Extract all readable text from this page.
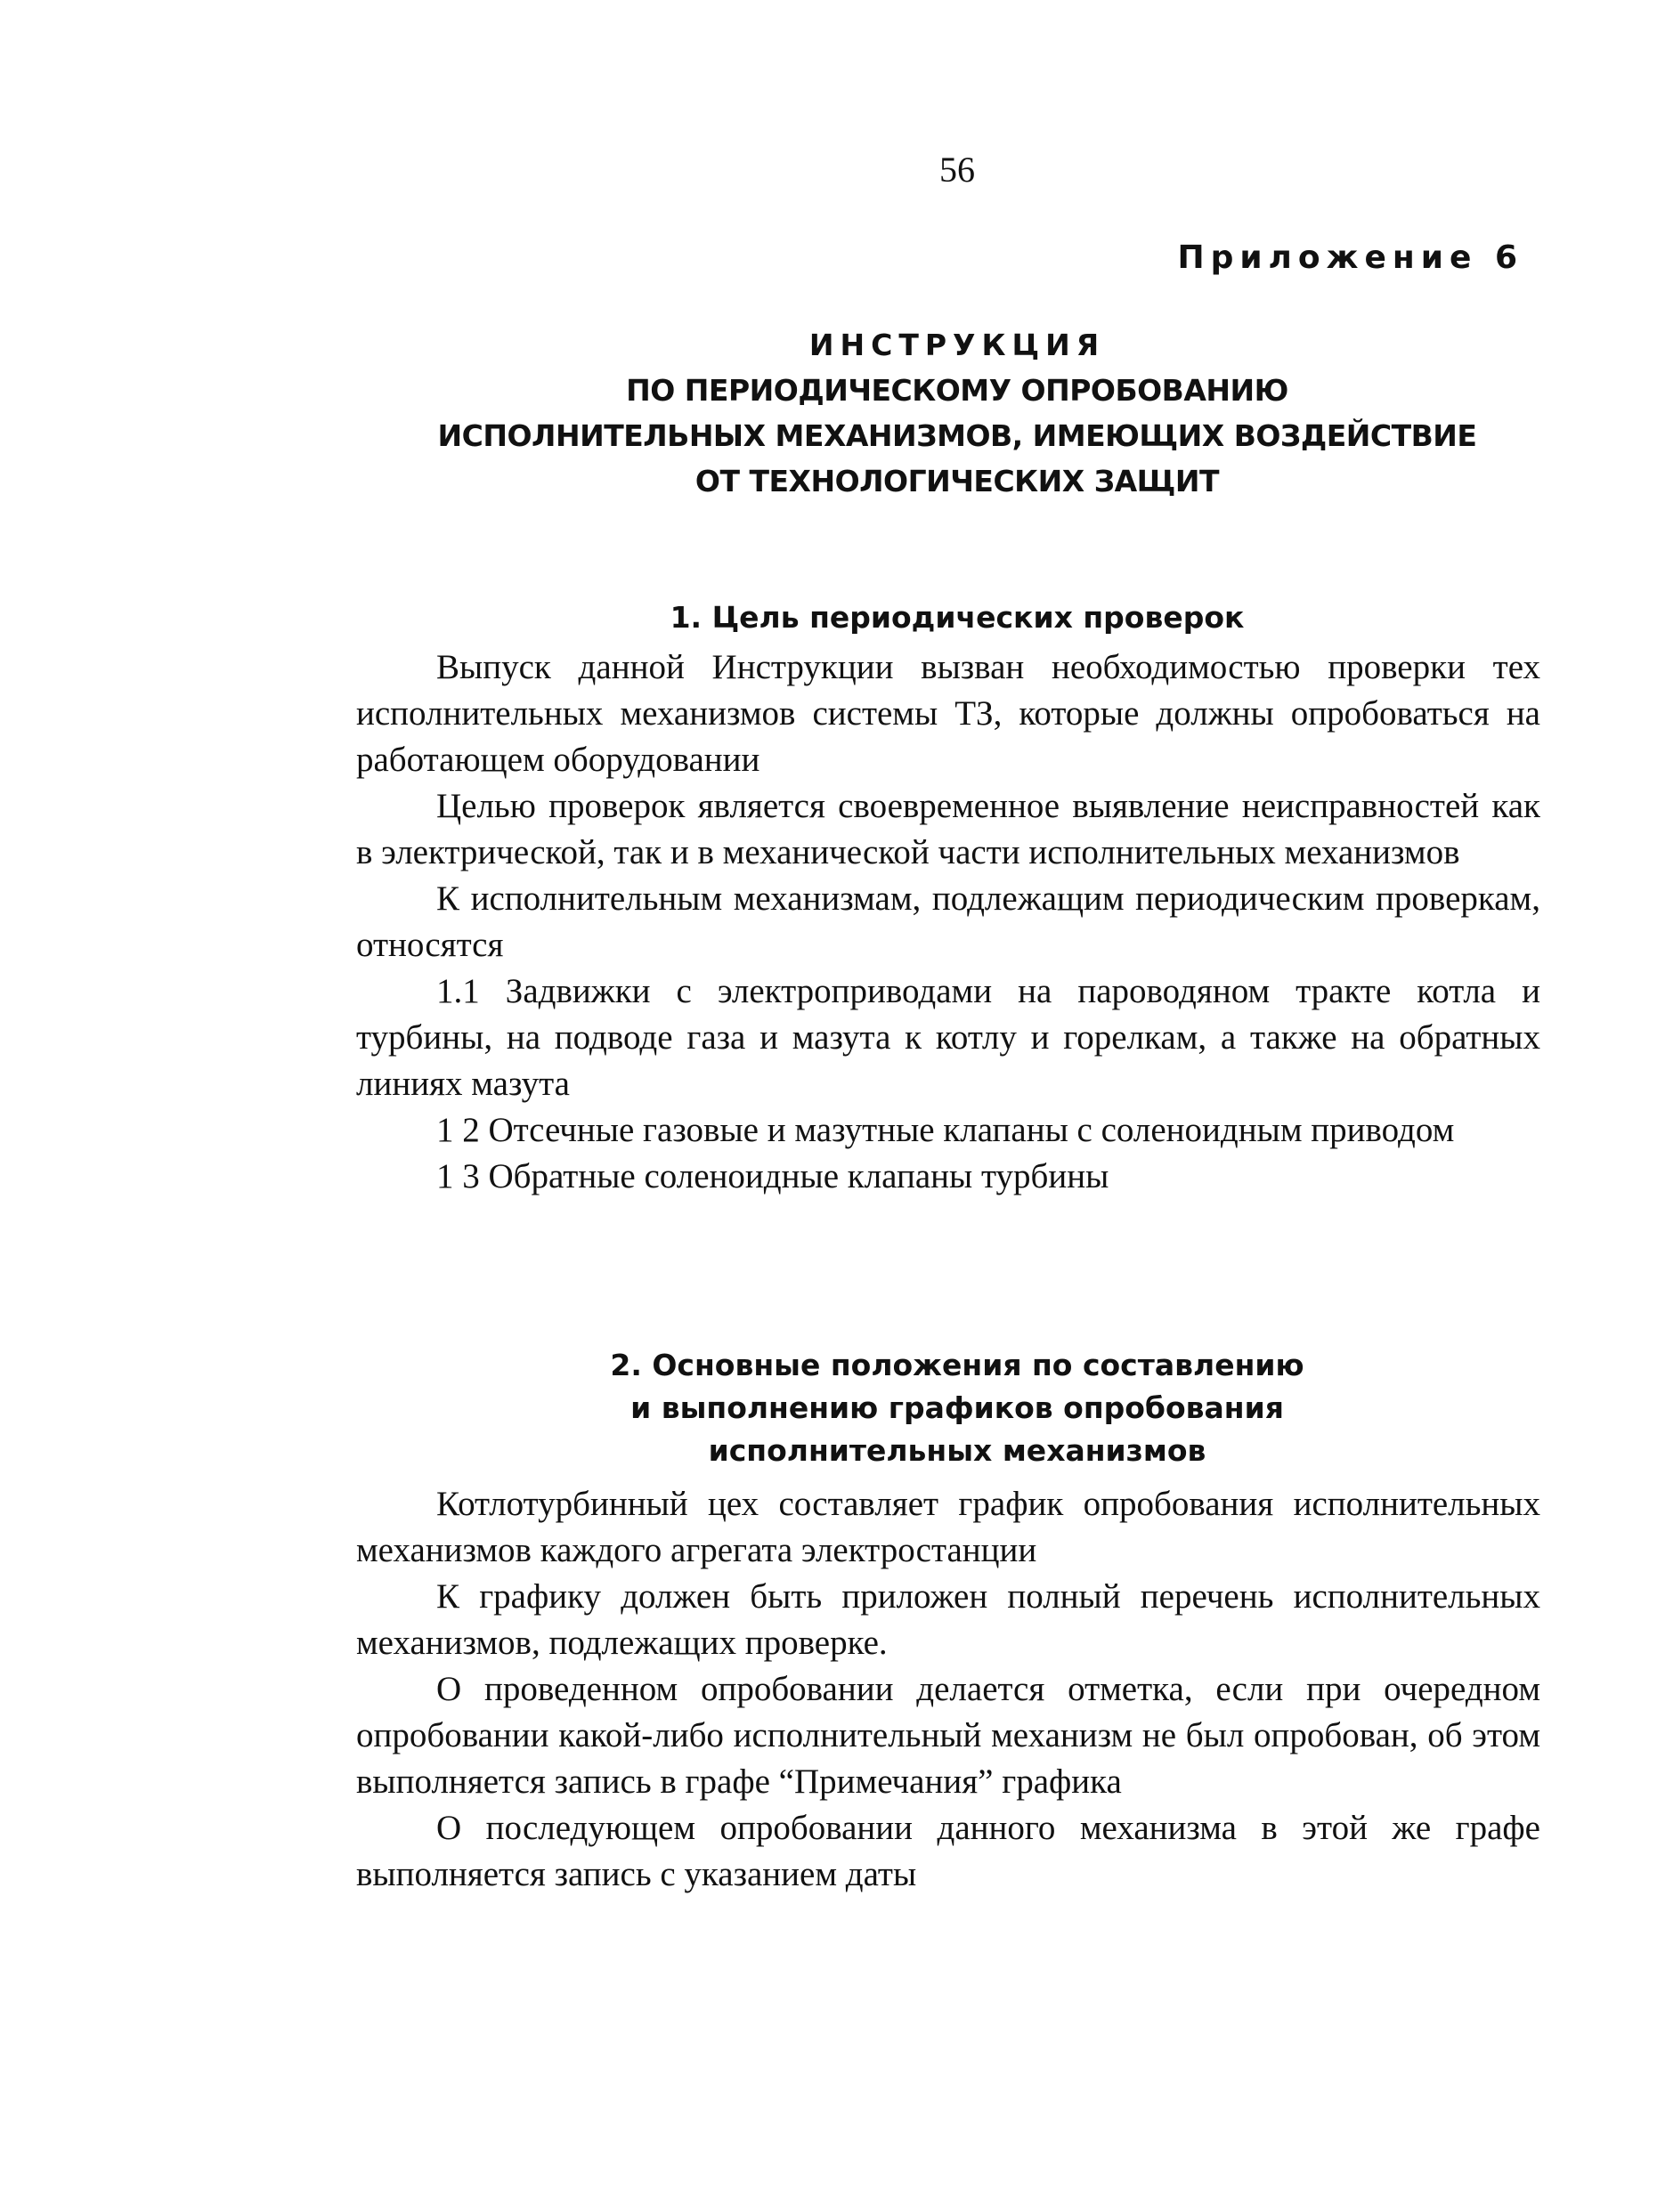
56
Приложение 6
ИНСТРУКЦИЯ
ПО ПЕРИОДИЧЕСКОМУ ОПРОБОВАНИЮ
ИСПОЛНИТЕЛЬНЫХ МЕХАНИЗМОВ, ИМЕЮЩИХ ВОЗДЕЙСТВИЕ
ОТ ТЕХНОЛОГИЧЕСКИХ ЗАЩИТ
1. Цель периодических проверок

Выпуск данной Инструкции вызван необходимостью проверки тех исполнительных механизмов системы ТЗ, которые должны опробоваться на работающем оборудовании

Целью проверок является своевременное выявление неисправностей как в электрической, так и в механической части исполнительных механизмов

К исполнительным механизмам, подлежащим периодическим проверкам, относятся

1.1 Задвижки с электроприводами на пароводяном тракте котла и турбины, на подводе газа и мазута к котлу и горелкам, а также на обратных линиях мазута

1 2 Отсечные газовые и мазутные клапаны с соленоидным приводом

1 3 Обратные соленоидные клапаны турбины

2. Основные положения по составлению
и выполнению графиков опробования
исполнительных механизмов

Котлотурбинный цех составляет график опробования исполнительных механизмов каждого агрегата электростанции

К графику должен быть приложен полный перечень исполнительных механизмов, подлежащих проверке.

О проведенном опробовании делается отметка, если при очередном опробовании какой-либо исполнительный механизм не был опробован, об этом выполняется запись в графе “Примечания” графика

О последующем опробовании данного механизма в этой же графе выполняется запись с указанием даты
